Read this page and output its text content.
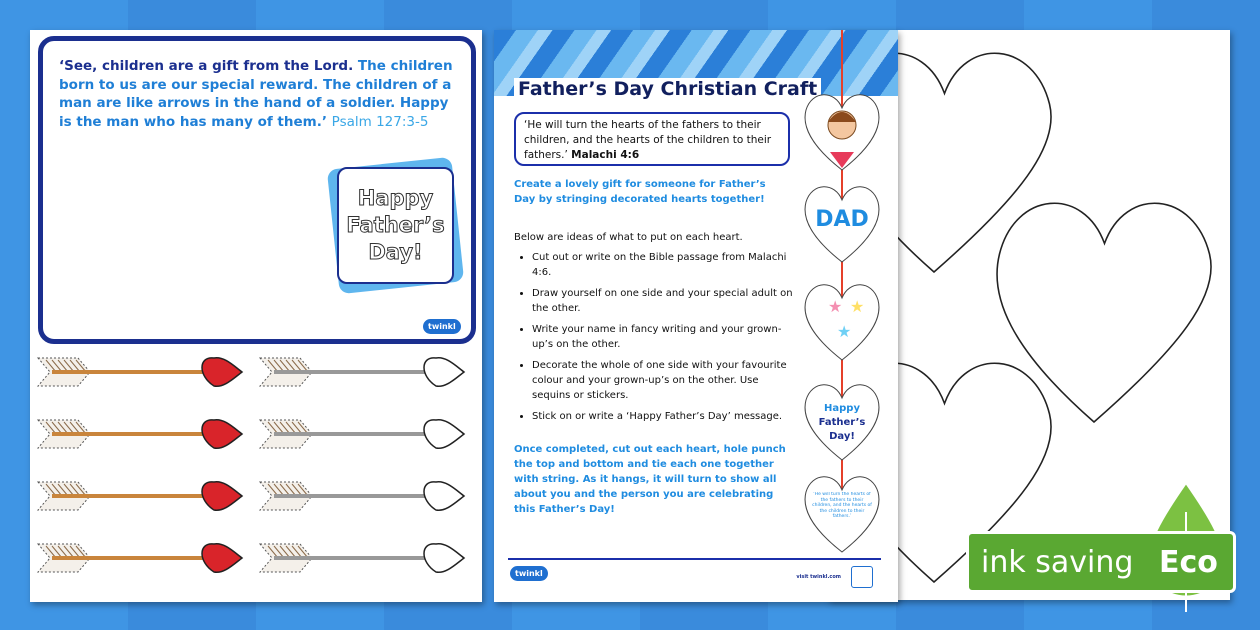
‘See, children are a gift from the Lord. The children born to us are our special reward. The children of a man are like arrows in the hand of a soldier. Happy is the man who has many of them.’ Psalm 127:3-5
Happy
Father’s
Day!
twinkl
Father’s Day Christian Craft
‘He will turn the hearts of the fathers to their children, and the hearts of the children to their fathers.’ Malachi 4:6
Create a lovely gift for someone for Father’s Day by stringing decorated hearts together!
Below are ideas of what to put on each heart.
• Cut out or write on the Bible passage from Malachi 4:6.
• Draw yourself on one side and your special adult on the other.
• Write your name in fancy writing and your grown-up’s on the other.
• Decorate the whole of one side with your favourite colour and your grown-up’s on the other. Use sequins or stickers.
• Stick on or write a ‘Happy Father’s Day’ message.
Once completed, cut out each heart, hole punch the top and bottom and tie each one together with string. As it hangs, it will turn to show all about you and the person you are celebrating this Father’s Day!
DAD
★ ★
★
Happy
Father’s
Day!
‘He will turn the hearts of the fathers to their children, and the hearts of the children to their fathers.’
twinkl	visit twinkl.com	ink saving Eco
